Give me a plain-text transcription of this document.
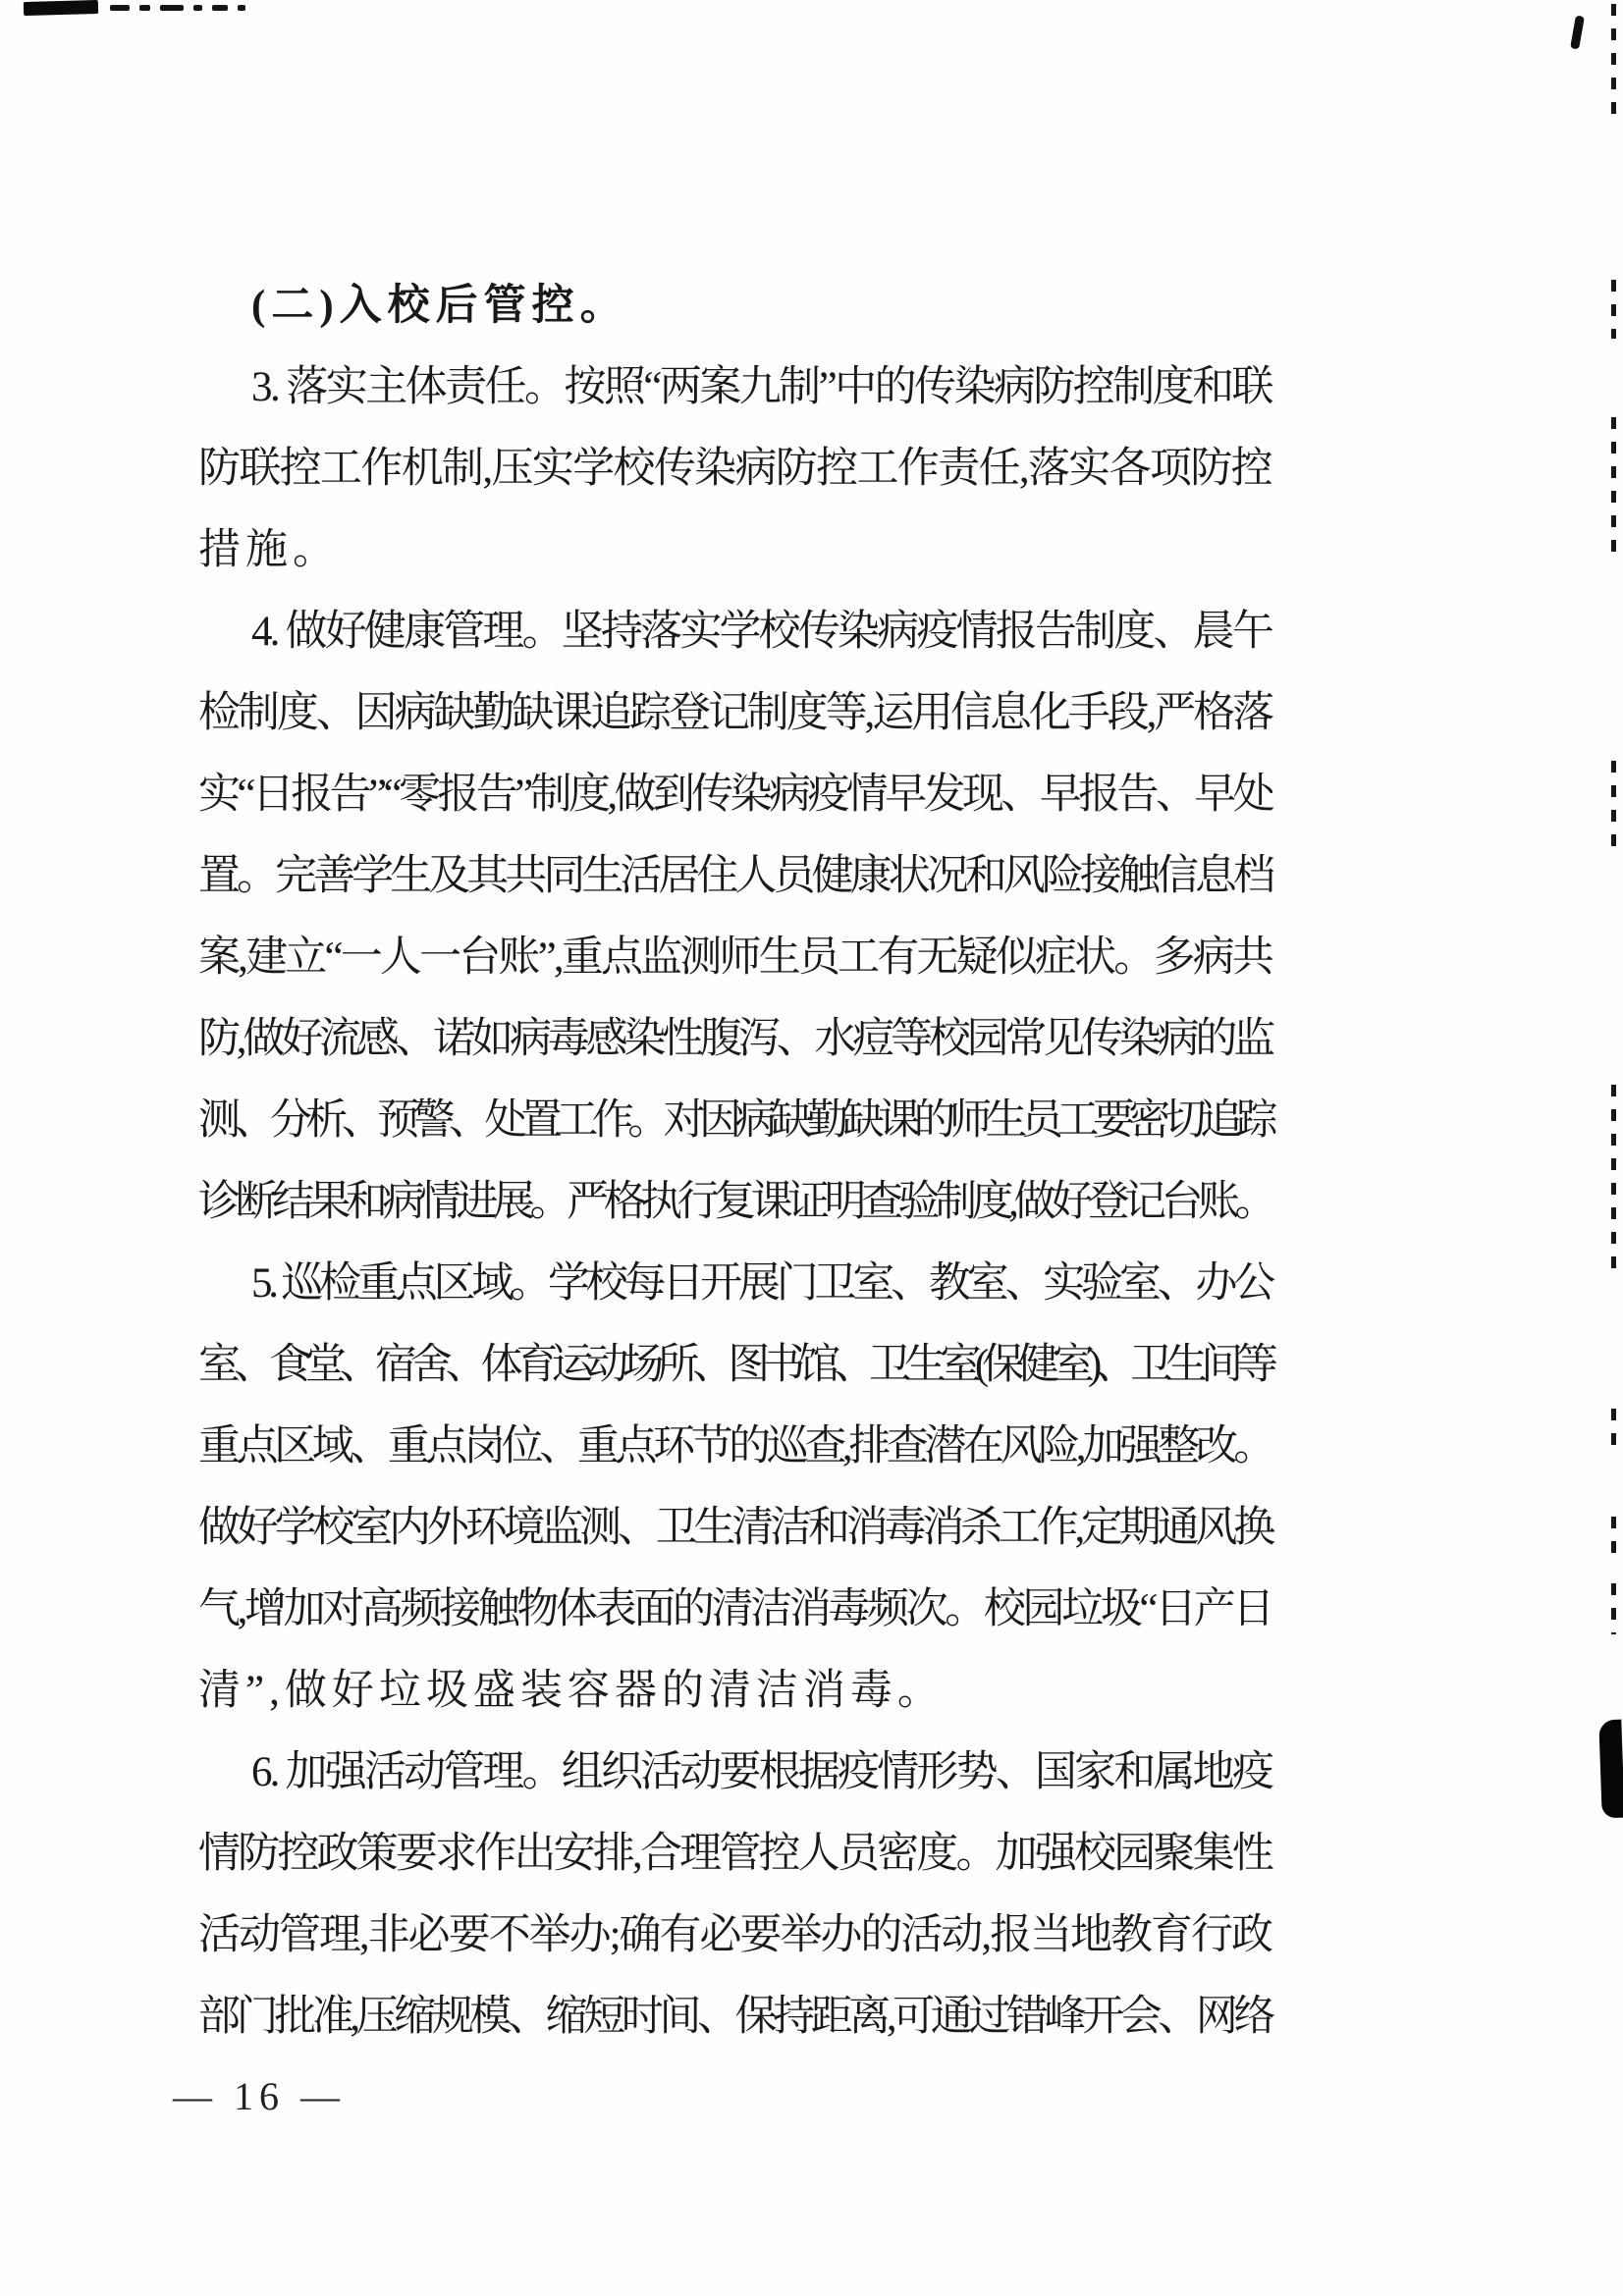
(二)入校后管控。
3. 落实主体责任。按照“两案九制”中的传染病防控制度和联
防联控工作机制,压实学校传染病防控工作责任,落实各项防控
措施。
4. 做好健康管理。坚持落实学校传染病疫情报告制度、晨午
检制度、因病缺勤缺课追踪登记制度等,运用信息化手段,严格落
实“日报告”“零报告”制度,做到传染病疫情早发现、早报告、早处
置。完善学生及其共同生活居住人员健康状况和风险接触信息档
案,建立“一人一台账”,重点监测师生员工有无疑似症状。多病共
防,做好流感、诺如病毒感染性腹泻、水痘等校园常见传染病的监
测、分析、预警、处置工作。对因病缺勤缺课的师生员工要密切追踪
诊断结果和病情进展。严格执行复课证明查验制度,做好登记台账。
5. 巡检重点区域。学校每日开展门卫室、教室、实验室、办公
室、食堂、宿舍、体育运动场所、图书馆、卫生室(保健室)、卫生间等
重点区域、重点岗位、重点环节的巡查,排查潜在风险,加强整改。
做好学校室内外环境监测、卫生清洁和消毒消杀工作,定期通风换
气,增加对高频接触物体表面的清洁消毒频次。校园垃圾“日产日
清”,做好垃圾盛装容器的清洁消毒。
6. 加强活动管理。组织活动要根据疫情形势、国家和属地疫
情防控政策要求作出安排,合理管控人员密度。加强校园聚集性
活动管理,非必要不举办;确有必要举办的活动,报当地教育行政
部门批准,压缩规模、缩短时间、保持距离,可通过错峰开会、网络
— 16 —
